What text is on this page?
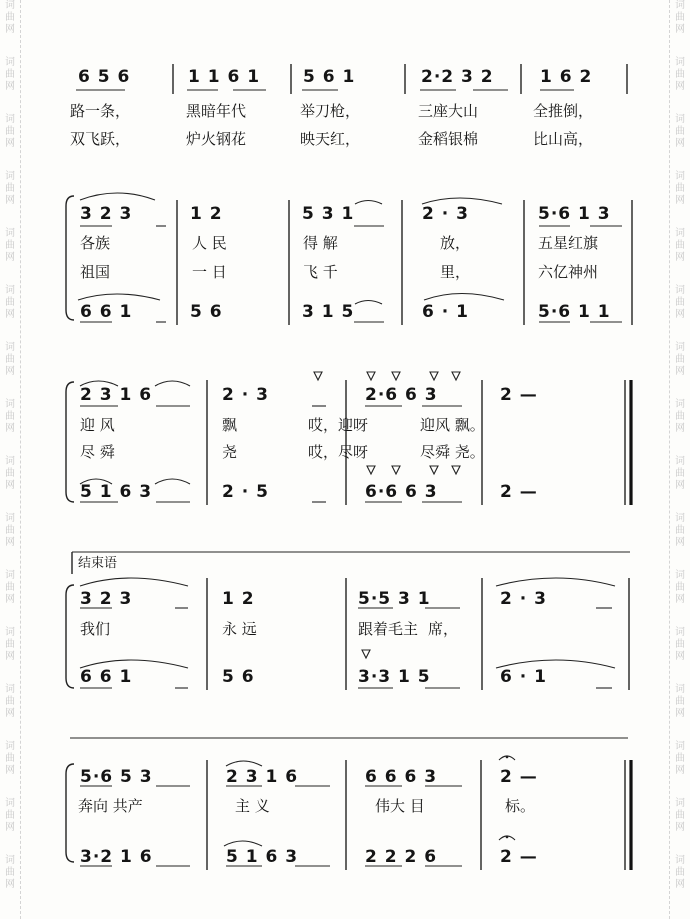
词
曲
网
词
曲
网
词
曲
网
词
曲
网
词
曲
网
词
曲
网
词
曲
网
词
曲
网
词
曲
网
词
曲
网
词
曲
网
词
曲
网
词
曲
网
词
曲
网
词
曲
网
词
曲
网
词
曲
网
词
曲
网
词
曲
网
词
曲
网
词
曲
网
词
曲
网
词
曲
网
词
曲
网
词
曲
网
词
曲
网
词
曲
网
词
曲
网
词
曲
网
词
曲
网
词
曲
网
词
曲
网
6 5 6	1 1 6 1	5 6 1	2·2 3 2	1 6 2
路一条，	黑暗年代	举刀枪，	三座大山	全推倒，
双飞跃，	炉火钢花	映天红，	金稻银棉	比山高，
3 2 3	1 2	5 3 1	2 · 3	5·6 1 3
各族	人 民	得 解	放，	五星红旗
祖国	一 日	飞 千	里，	六亿神州
6 6 1	5 6	3 1 5	6 · 1	5·6 1 1
2 3 1 6	2 · 3	2·6 6 3	2 —
迎 风	飘	哎，迎呀	迎风 飘。
尽 舜	尧	哎，尽呀	尽舜 尧。
5 1 6 3	2 · 5	6·6 6 3	2 —
结束语
3 2 3	1 2	5·5 3 1	2 · 3
我们	永 远	跟着毛主 席，
6 6 1	5 6	3·3 1 5	6 · 1
5·6 5 3	2 3 1 6	6 6 6 3	2 —
奔向 共产	主 义	伟大 目	标。
3·2 1 6	5 1 6 3	2 2 2 6	2 —
